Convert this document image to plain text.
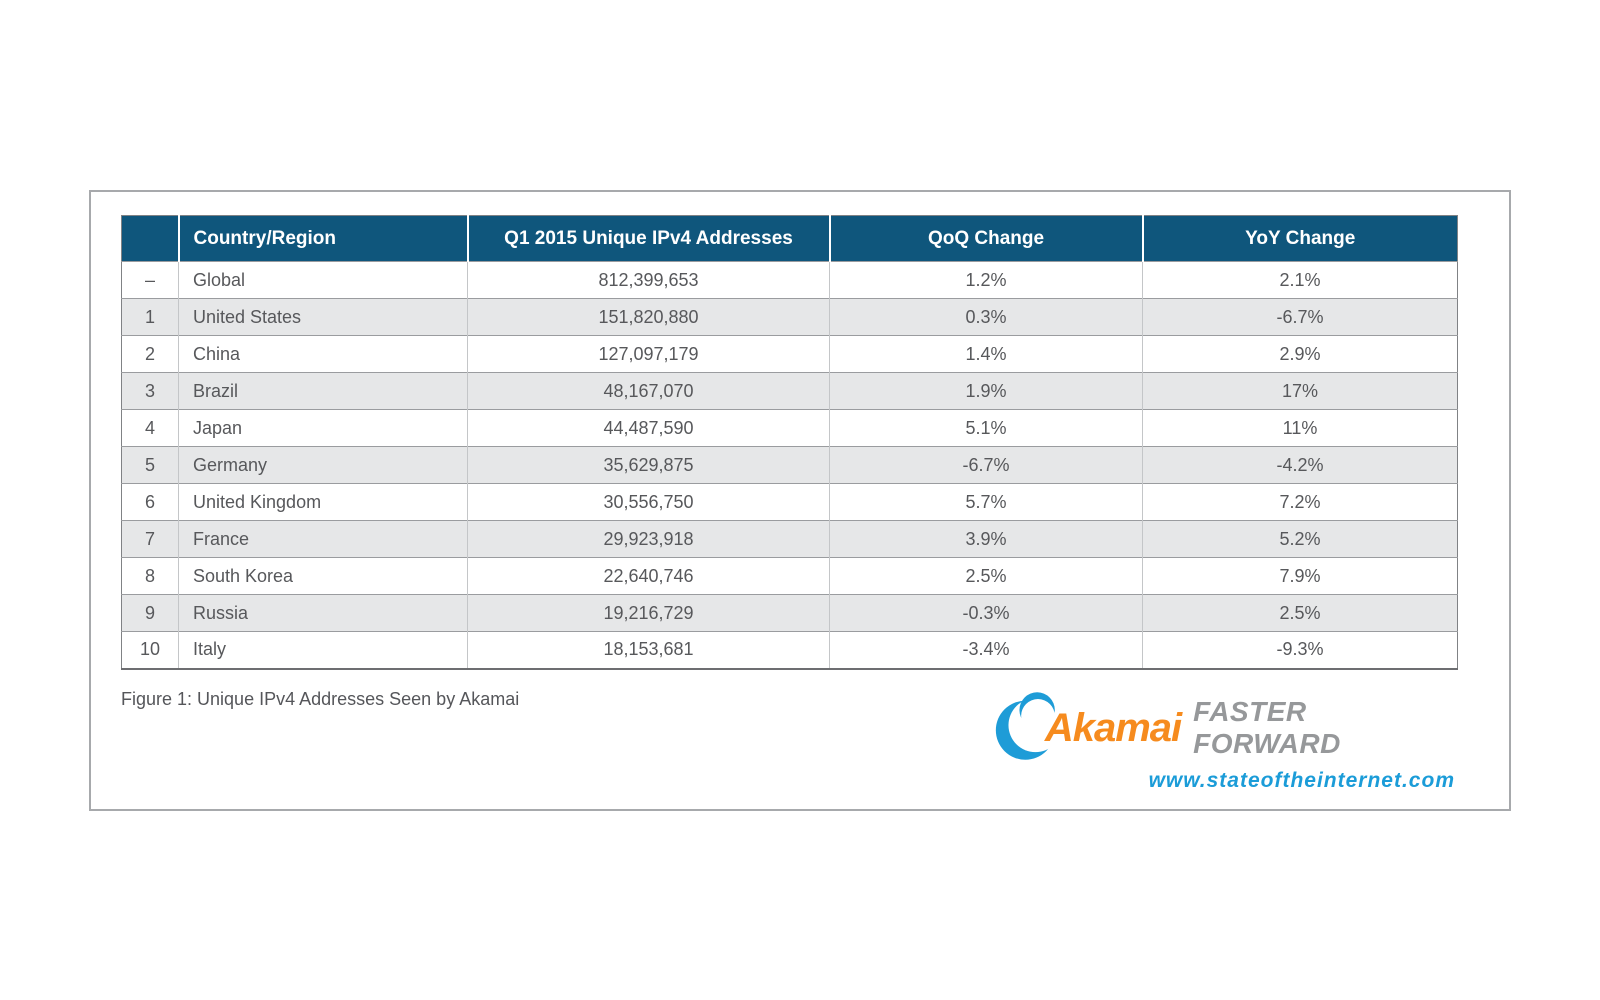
	Country/Region	Q1 2015 Unique IPv4 Addresses	QoQ Change	YoY Change
–	Global	812,399,653	1.2%	2.1%
1	United States	151,820,880	0.3%	-6.7%
2	China	127,097,179	1.4%	2.9%
3	Brazil	48,167,070	1.9%	17%
4	Japan	44,487,590	5.1%	11%
5	Germany	35,629,875	-6.7%	-4.2%
6	United Kingdom	30,556,750	5.7%	7.2%
7	France	29,923,918	3.9%	5.2%
8	South Korea	22,640,746	2.5%	7.9%
9	Russia	19,216,729	-0.3%	2.5%
10	Italy	18,153,681	-3.4%	-9.3%
Figure 1: Unique IPv4 Addresses Seen by Akamai
Akamai FASTER FORWARD
www.stateoftheinternet.com
